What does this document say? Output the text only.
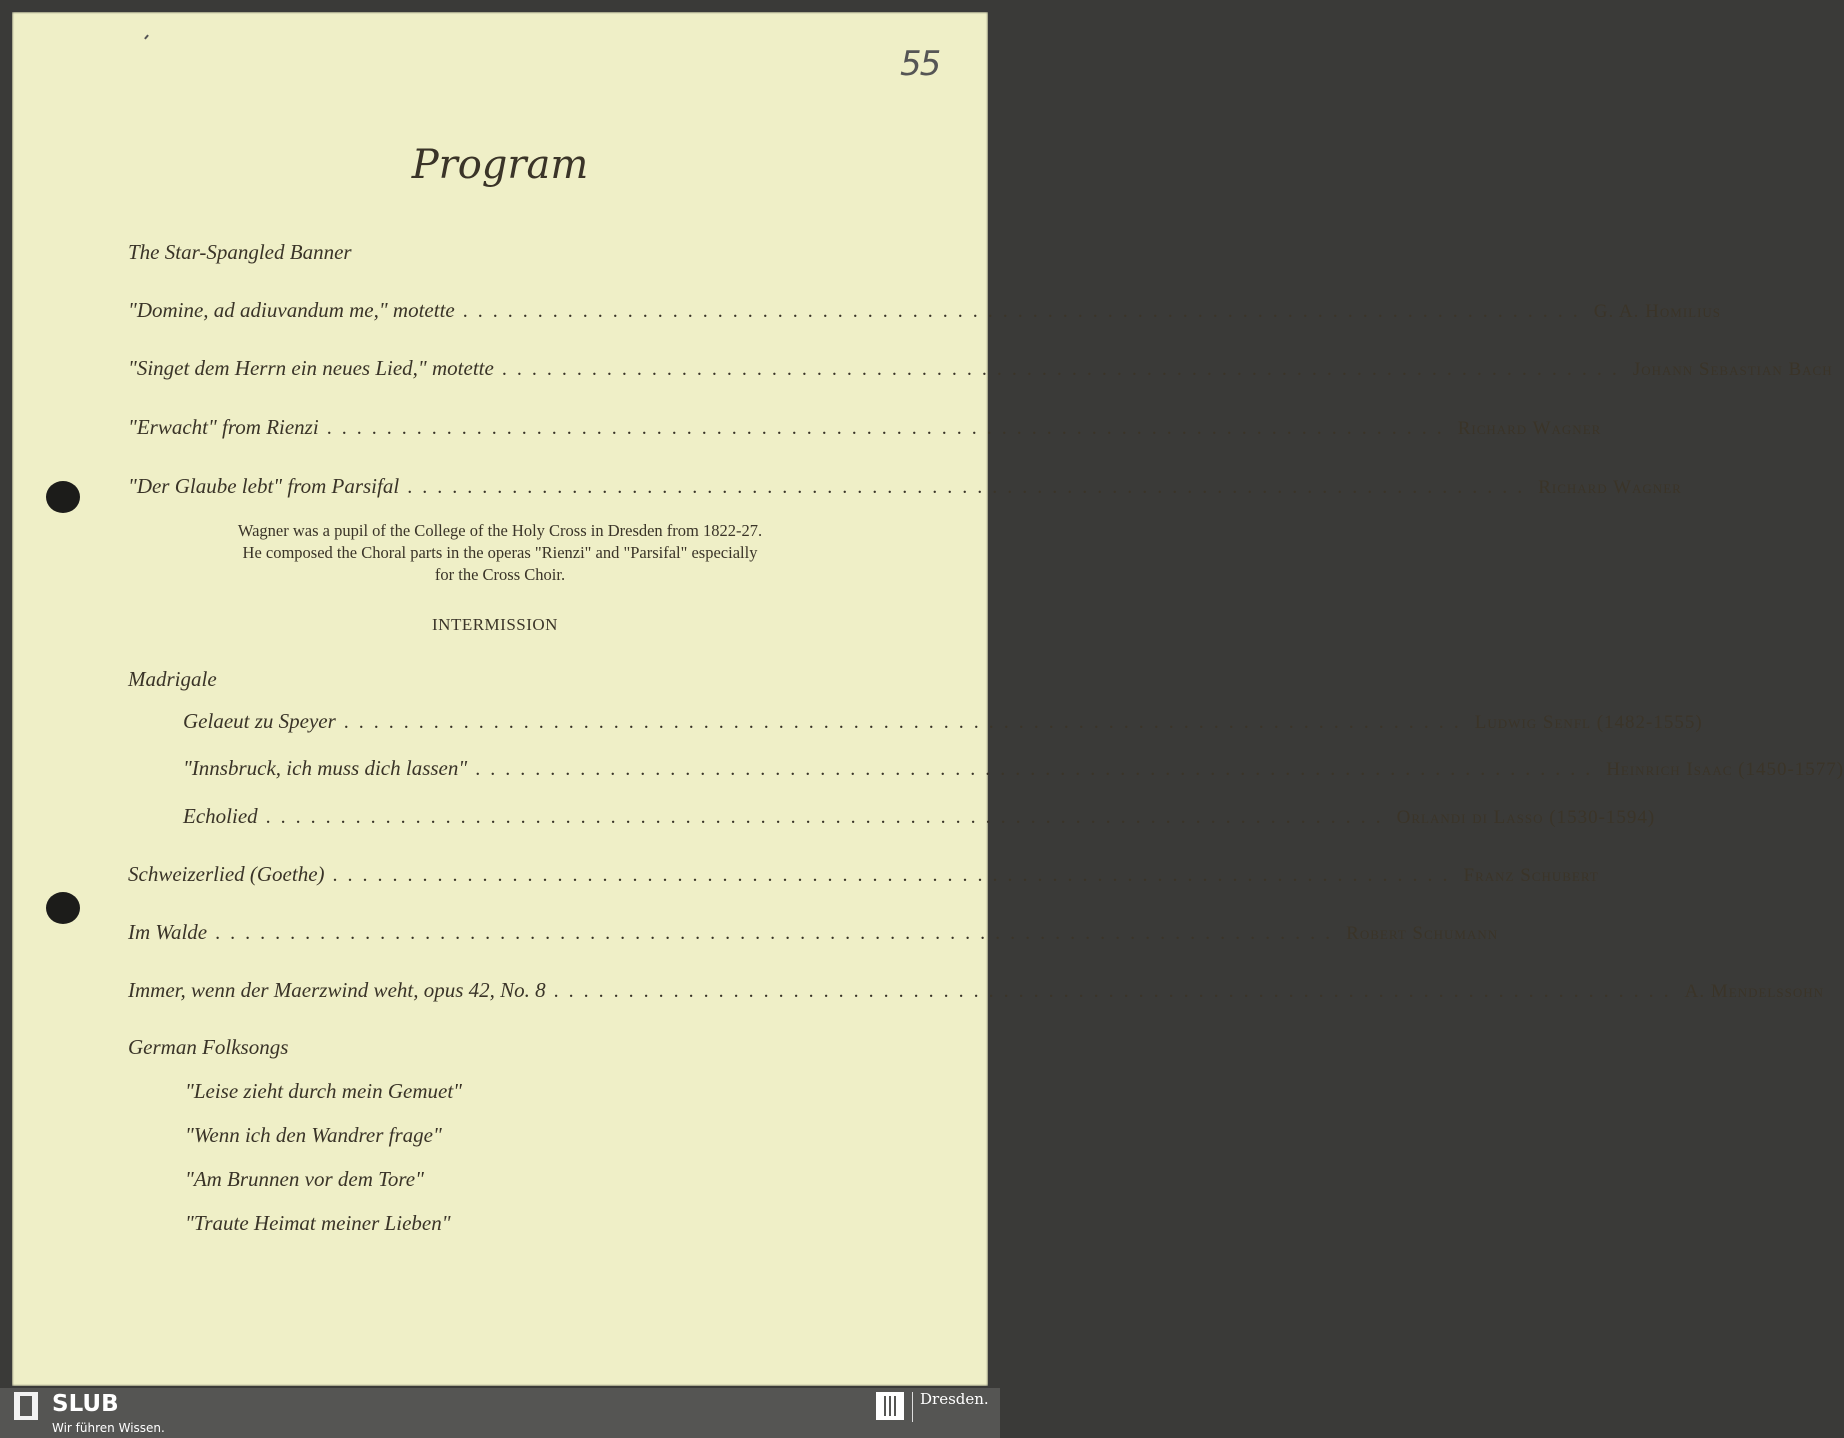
55
Program
The Star-Spangled Banner
"Domine, ad adiuvandum me," motette ........................................................................... G. A. Homilius
"Singet dem Herrn ein neues Lied," motette ........................................................................... Johann Sebastian Bach
"Erwacht" from Rienzi ........................................................................... Richard Wagner
"Der Glaube lebt" from Parsifal ........................................................................... Richard Wagner
Wagner was a pupil of the College of the Holy Cross in Dresden from 1822-27.
He composed the Choral parts in the operas "Rienzi" and "Parsifal" especially
for the Cross Choir.
INTERMISSION
Madrigale
Gelaeut zu Speyer ........................................................................... Ludwig Senfl (1482-1555)
"Innsbruck, ich muss dich lassen" ........................................................................... Heinrich Isaac (1450-1577)
Echolied ........................................................................... Orlandi di Lasso (1530-1594)
Schweizerlied (Goethe) ........................................................................... Franz Schubert
Im Walde ........................................................................... Robert Schumann
Immer, wenn der Maerzwind weht, opus 42, No. 8 ........................................................................... A. Mendelssohn
German Folksongs
"Leise zieht durch mein Gemuet"
"Wenn ich den Wandrer frage"
"Am Brunnen vor dem Tore"
"Traute Heimat meiner Lieben"
SLUB
Wir führen Wissen.
Dresden.
